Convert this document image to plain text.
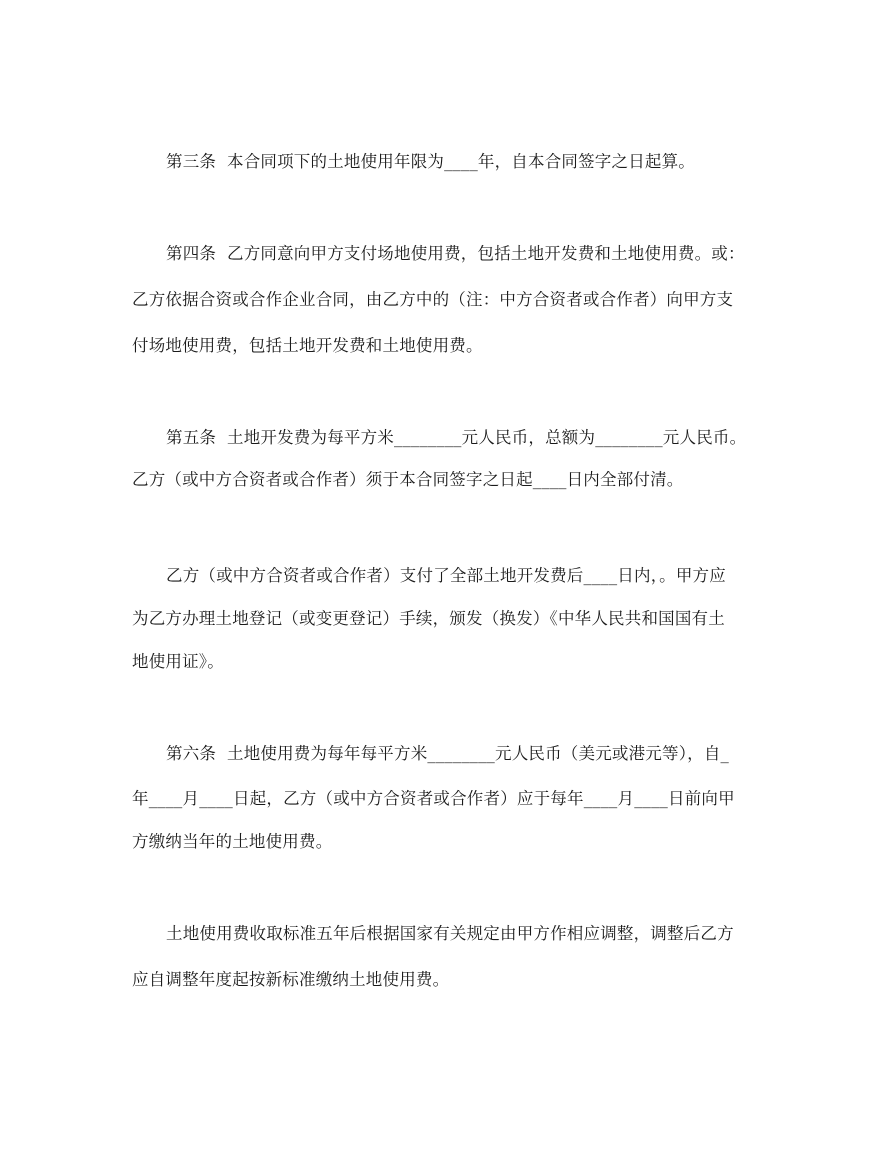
第三条  本合同项下的土地使用年限为____年，自本合同签字之日起算。
第四条  乙方同意向甲方支付场地使用费，包括土地开发费和土地使用费。或：
乙方依据合资或合作企业合同，由乙方中的（注：中方合资者或合作者）向甲方支
付场地使用费，包括土地开发费和土地使用费。
第五条  土地开发费为每平方米________元人民币，总额为________元人民币。
乙方（或中方合资者或合作者）须于本合同签字之日起____日内全部付清。
乙方（或中方合资者或合作者）支付了全部土地开发费后____日内，。甲方应
为乙方办理土地登记（或变更登记）手续，颁发（换发）《中华人民共和国国有土
地使用证》。
第六条  土地使用费为每年每平方米________元人民币（美元或港元等），自_
年____月____日起，乙方（或中方合资者或合作者）应于每年____月____日前向甲
方缴纳当年的土地使用费。
土地使用费收取标准五年后根据国家有关规定由甲方作相应调整，调整后乙方
应自调整年度起按新标准缴纳土地使用费。
